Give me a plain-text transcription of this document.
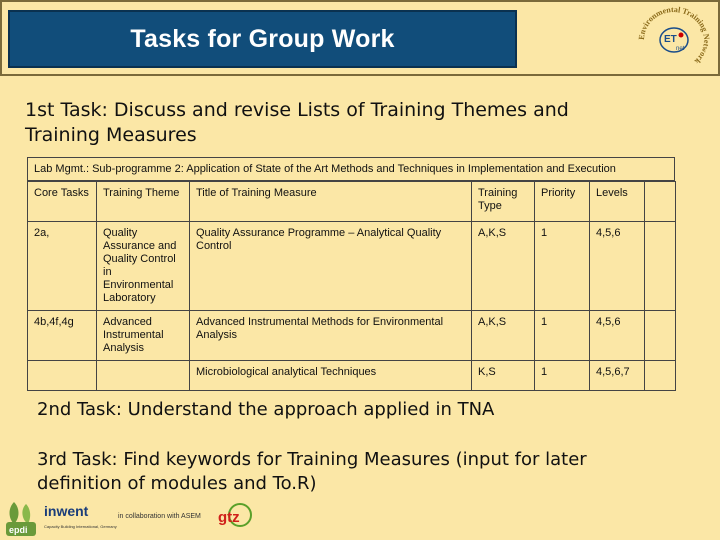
Tasks for Group Work	Environmental Training Network
ET
net
1st Task: Discuss and revise Lists of Training Themes and
Training Measures
Lab Mgmt.: Sub-programme 2: Application of State of the Art Methods and Techniques in Implementation and Execution
Core Tasks	Training Theme	Title of Training Measure	Training Type	Priority	Levels	
2a,	Quality Assurance and Quality Control in Environmental Laboratory	Quality Assurance Programme – Analytical Quality Control	A,K,S	1	4,5,6	
4b,4f,4g	Advanced Instrumental Analysis	Advanced Instrumental Methods for Environmental Analysis	A,K,S	1	4,5,6	
		Microbiological analytical Techniques	K,S	1	4,5,6,7	
2nd Task: Understand the approach applied in TNA
3rd Task: Find keywords for Training Measures (input for later
definition of modules and To.R)
epdi
inwent
Capacity Building International, Germany
gtz
in collaboration with ASEM
